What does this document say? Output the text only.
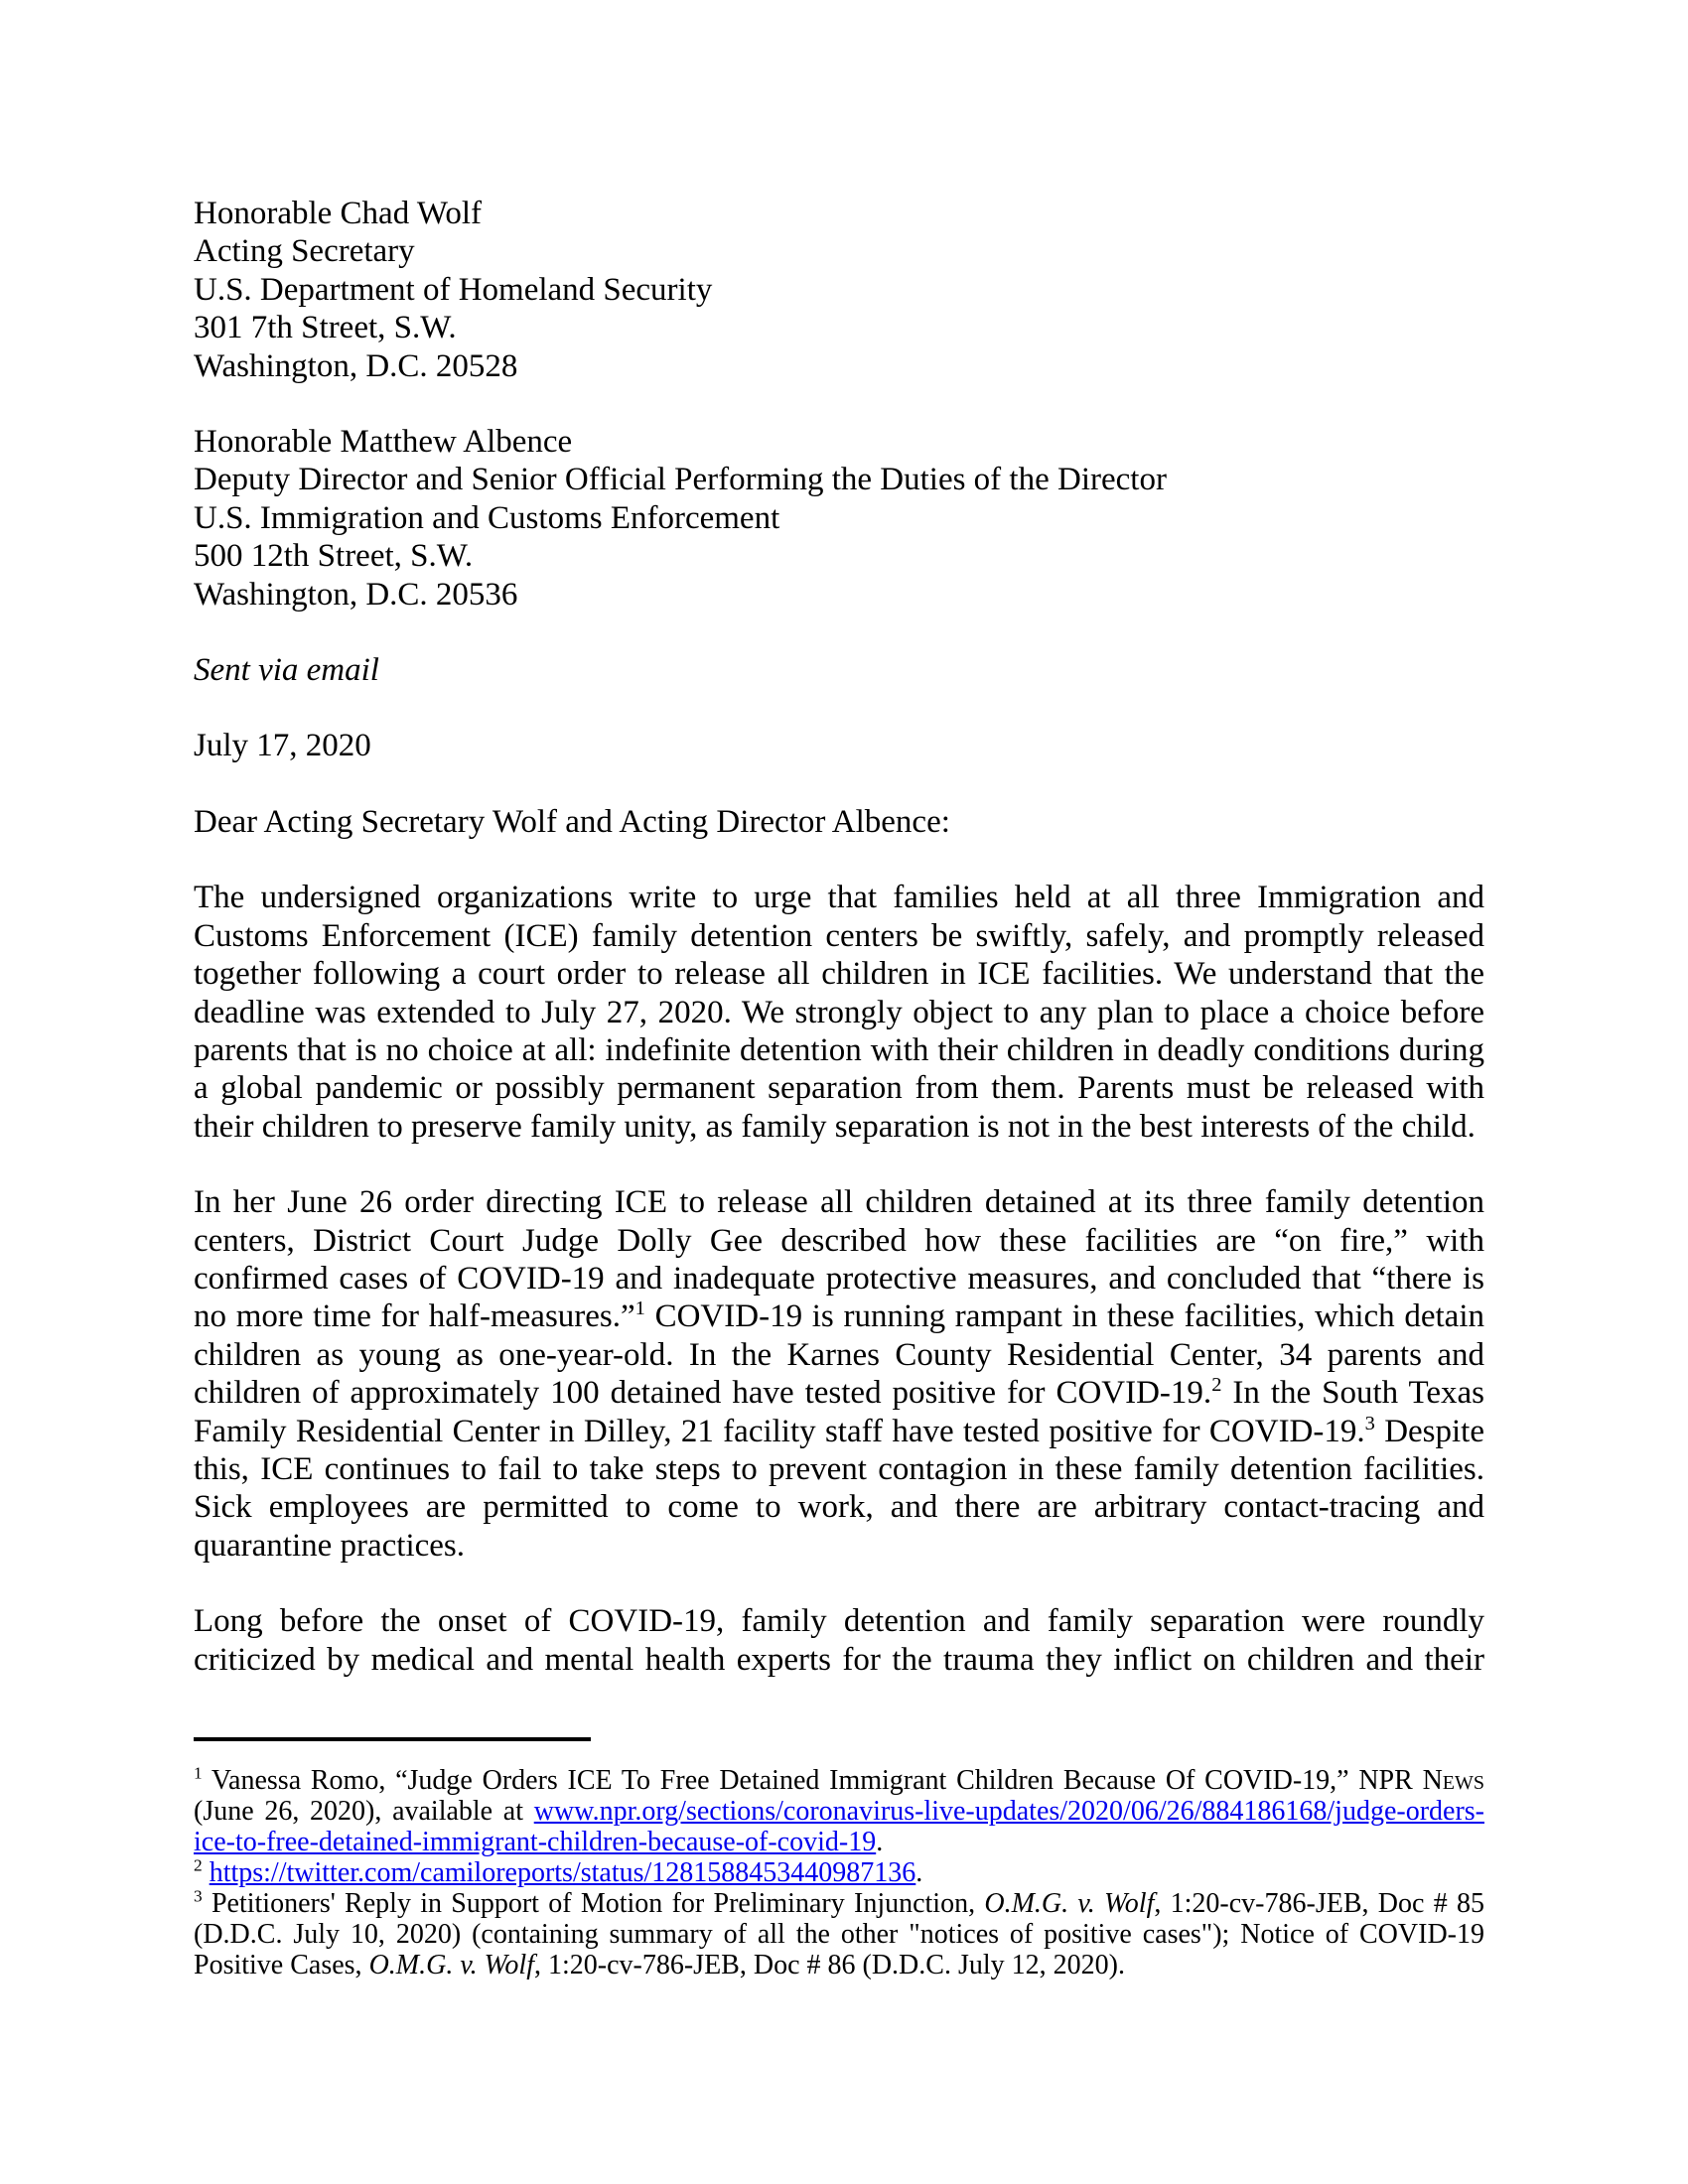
Honorable Chad Wolf
Acting Secretary
U.S. Department of Homeland Security
301 7th Street, S.W.
Washington, D.C. 20528
Honorable Matthew Albence
Deputy Director and Senior Official Performing the Duties of the Director
U.S. Immigration and Customs Enforcement
500 12th Street, S.W.
Washington, D.C. 20536
Sent via email
July 17, 2020
Dear Acting Secretary Wolf and Acting Director Albence:

The undersigned organizations write to urge that families held at all three Immigration and Customs Enforcement (ICE) family detention centers be swiftly, safely, and promptly released together following a court order to release all children in ICE facilities. We understand that the deadline was extended to July 27, 2020. We strongly object to any plan to place a choice before parents that is no choice at all: indefinite detention with their children in deadly conditions during a global pandemic or possibly permanent separation from them. Parents must be released with their children to preserve family unity, as family separation is not in the best interests of the child.

In her June 26 order directing ICE to release all children detained at its three family detention centers, District Court Judge Dolly Gee described how these facilities are “on fire,” with confirmed cases of COVID-19 and inadequate protective measures, and concluded that “there is no more time for half-measures.”$^1$ COVID-19 is running rampant in these facilities, which detain children as young as one-year-old. In the Karnes County Residential Center, 34 parents and children of approximately 100 detained have tested positive for COVID-19.$^2$ In the South Texas Family Residential Center in Dilley, 21 facility staff have tested positive for COVID-19.$^3$ Despite this, ICE continues to fail to take steps to prevent contagion in these family detention facilities. Sick employees are permitted to come to work, and there are arbitrary contact-tracing and quarantine practices.

Long before the onset of COVID-19, family detention and family separation were roundly criticized by medical and mental health experts for the trauma they inflict on children and their

$^1$ Vanessa Romo, “Judge Orders ICE To Free Detained Immigrant Children Because Of COVID-19,” NPR News (June 26, 2020), available at www.npr.org/sections/coronavirus-live-updates/2020/06/26/884186168/judge-orders-ice-to-free-detained-immigrant-children-because-of-covid-19.
$^2$ https://twitter.com/camiloreports/status/1281588453440987136.
$^3$ Petitioners' Reply in Support of Motion for Preliminary Injunction, O.M.G. v. Wolf, 1:20-cv-786-JEB, Doc # 85 (D.D.C. July 10, 2020) (containing summary of all the other "notices of positive cases"); Notice of COVID-19 Positive Cases, O.M.G. v. Wolf, 1:20-cv-786-JEB, Doc # 86 (D.D.C. July 12, 2020).
